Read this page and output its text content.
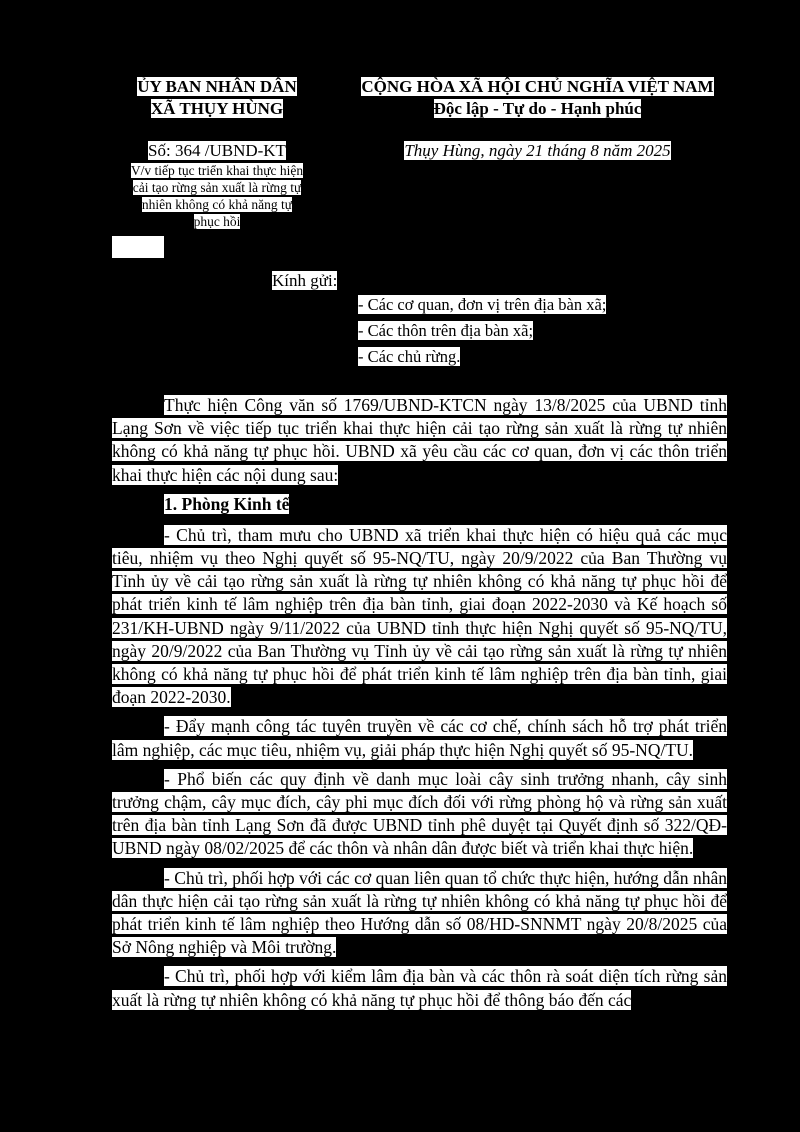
ỦY BAN NHÂN DÂN
XÃ THỤY HÙNG
CỘNG HÒA XÃ HỘI CHỦ NGHĨA VIỆT NAM
Độc lập - Tự do - Hạnh phúc
Số: 364 /UBND-KT
V/v tiếp tục triển khai thực hiện
cải tạo rừng sản xuất là rừng tự
nhiên không có khả năng tự
phục hồi
Thụy Hùng, ngày 21 tháng 8 năm 2025
Kính gửi:
- Các cơ quan, đơn vị trên địa bàn xã;
- Các thôn trên địa bàn xã;
- Các chủ rừng.

Thực hiện Công văn số 1769/UBND-KTCN ngày 13/8/2025 của UBND tỉnh Lạng Sơn về việc tiếp tục triển khai thực hiện cải tạo rừng sản xuất là rừng tự nhiên không có khả năng tự phục hồi. UBND xã yêu cầu các cơ quan, đơn vị các thôn triển khai thực hiện các nội dung sau:

1. Phòng Kinh tế

- Chủ trì, tham mưu cho UBND xã triển khai thực hiện có hiệu quả các mục tiêu, nhiệm vụ theo Nghị quyết số 95-NQ/TU, ngày 20/9/2022 của Ban Thường vụ Tỉnh ủy về cải tạo rừng sản xuất là rừng tự nhiên không có khả năng tự phục hồi để phát triển kinh tế lâm nghiệp trên địa bàn tỉnh, giai đoạn 2022-2030 và Kế hoạch số 231/KH-UBND ngày 9/11/2022 của UBND tỉnh thực hiện Nghị quyết số 95-NQ/TU, ngày 20/9/2022 của Ban Thường vụ Tỉnh ủy về cải tạo rừng sản xuất là rừng tự nhiên không có khả năng tự phục hồi để phát triển kinh tế lâm nghiệp trên địa bàn tỉnh, giai đoạn 2022-2030.

- Đẩy mạnh công tác tuyên truyền về các cơ chế, chính sách hỗ trợ phát triển lâm nghiệp, các mục tiêu, nhiệm vụ, giải pháp thực hiện Nghị quyết số 95-NQ/TU.

- Phổ biến các quy định về danh mục loài cây sinh trưởng nhanh, cây sinh trưởng chậm, cây mục đích, cây phi mục đích đối với rừng phòng hộ và rừng sản xuất trên địa bàn tỉnh Lạng Sơn đã được UBND tỉnh phê duyệt tại Quyết định số 322/QĐ-UBND ngày 08/02/2025 để các thôn và nhân dân được biết và triển khai thực hiện.

- Chủ trì, phối hợp với các cơ quan liên quan tổ chức thực hiện, hướng dẫn nhân dân thực hiện cải tạo rừng sản xuất là rừng tự nhiên không có khả năng tự phục hồi để phát triển kinh tế lâm nghiệp theo Hướng dẫn số 08/HD-SNNMT ngày 20/8/2025 của Sở Nông nghiệp và Môi trường.

- Chủ trì, phối hợp với kiểm lâm địa bàn và các thôn rà soát diện tích rừng sản xuất là rừng tự nhiên không có khả năng tự phục hồi để thông báo đến các
